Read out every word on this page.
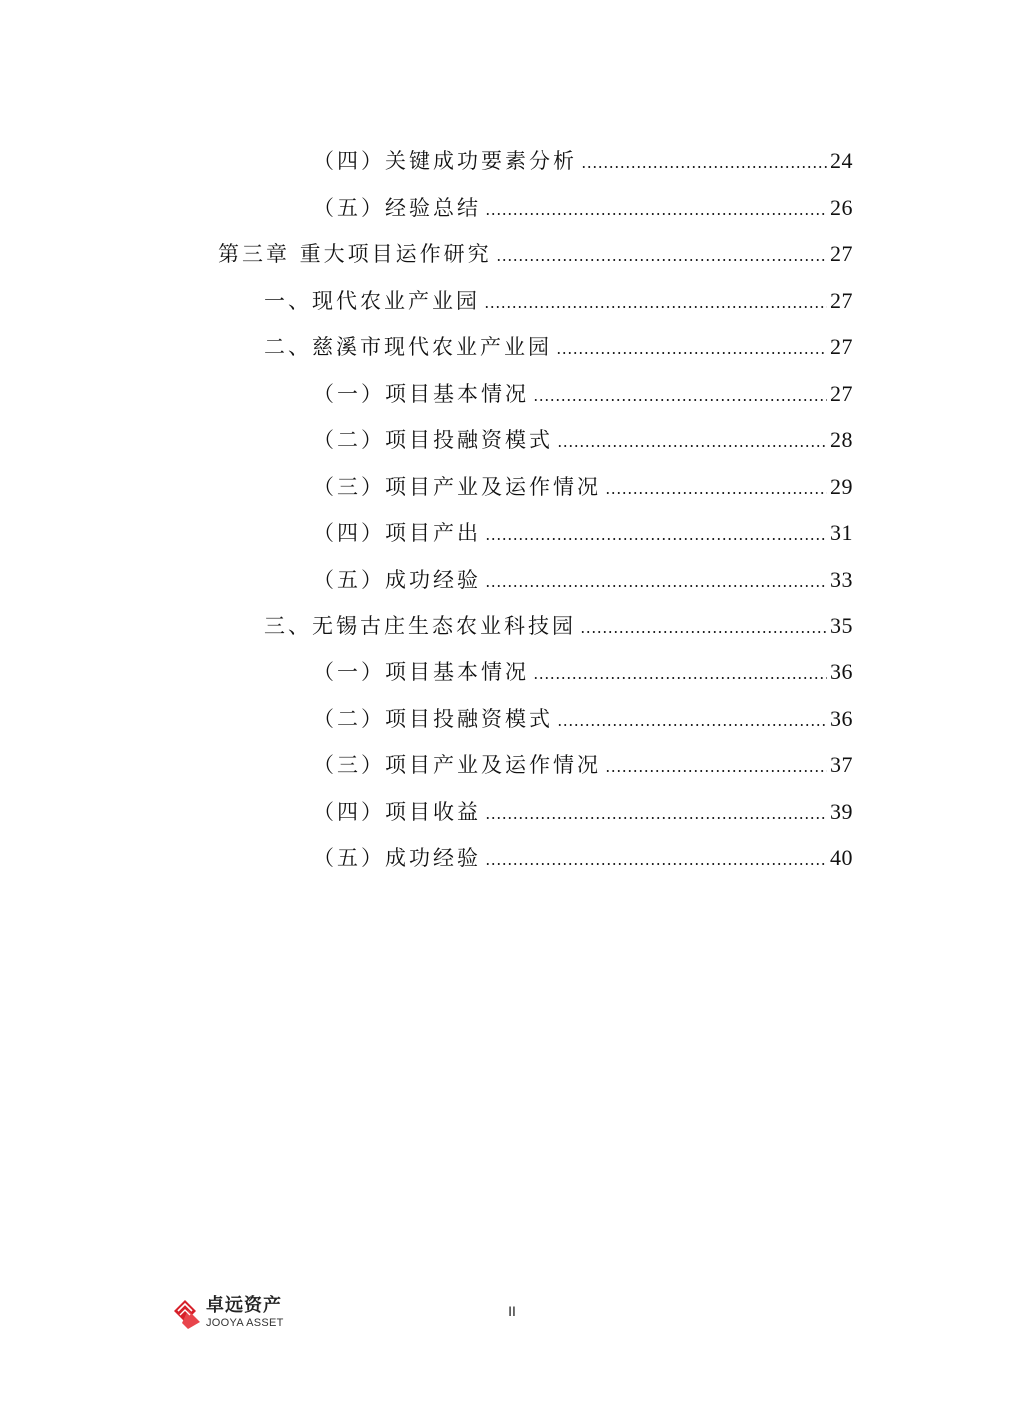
（四）关键成功要素分析	24
（五）经验总结	26
第三章 重大项目运作研究	27
一、现代农业产业园	27
二、慈溪市现代农业产业园	27
（一）项目基本情况	27
（二）项目投融资模式	28
（三）项目产业及运作情况	29
（四）项目产出	31
（五）成功经验	33
三、无锡古庄生态农业科技园	35
（一）项目基本情况	36
（二）项目投融资模式	36
（三）项目产业及运作情况	37
（四）项目收益	39
（五）成功经验	40
卓远资产
JOOYA ASSET
II
